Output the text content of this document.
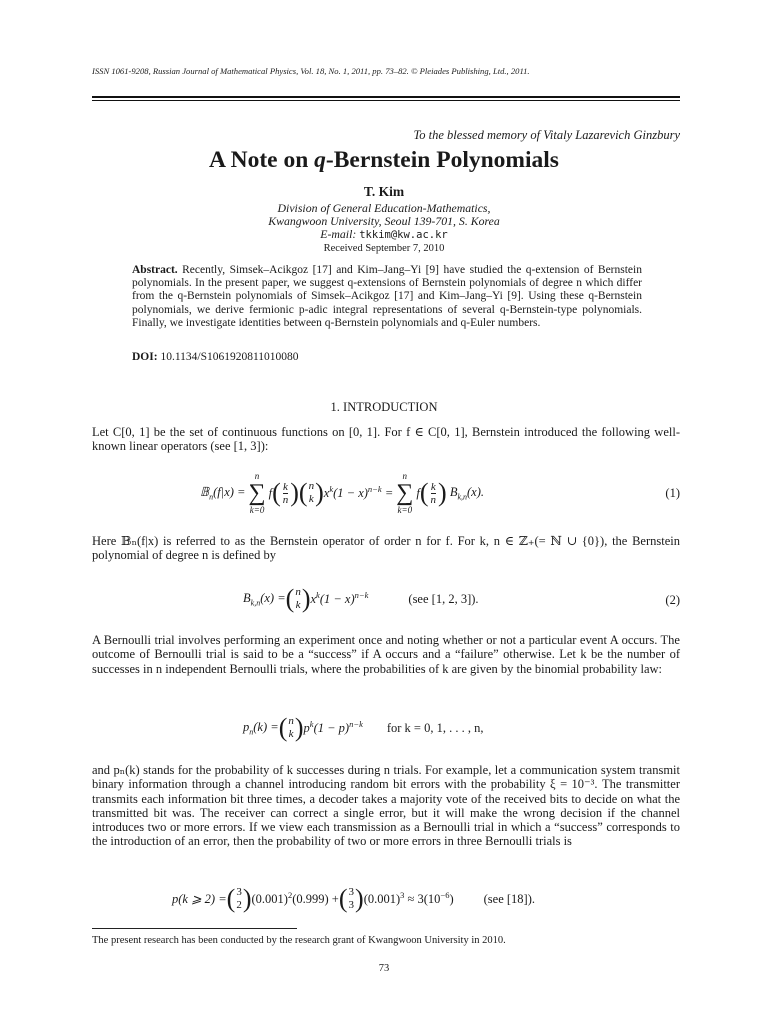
ISSN 1061-9208, Russian Journal of Mathematical Physics, Vol. 18, No. 1, 2011, pp. 73–82. © Pleiades Publishing, Ltd., 2011.
To the blessed memory of Vitaly Lazarevich Ginzbury
A Note on q-Bernstein Polynomials
T. Kim
Division of General Education-Mathematics,
Kwangwoon University, Seoul 139-701, S. Korea
E-mail: tkkim@kw.ac.kr
Received September 7, 2010
Abstract. Recently, Simsek–Acikgoz [17] and Kim–Jang–Yi [9] have studied the q-extension of Bernstein polynomials. In the present paper, we suggest q-extensions of Bernstein polynomials of degree n which differ from the q-Bernstein polynomials of Simsek–Acikgoz [17] and Kim–Jang–Yi [9]. Using these q-Bernstein polynomials, we derive fermionic p-adic integral representations of several q-Bernstein-type polynomials. Finally, we investigate identities between q-Bernstein polynomials and q-Euler numbers.
DOI: 10.1134/S1061920811010080
1. INTRODUCTION
Let C[0, 1] be the set of continuous functions on [0, 1]. For f ∈ C[0, 1], Bernstein introduced the following well-known linear operators (see [1, 3]):
𝔹$_n$(f|x) =
n
∑
k=0
f ( $\frac{k}{n}$ ) ( n
k ) $x^k(1 - x)^{n-k}$ =
n
∑
k=0
f ( $\frac{k}{n}$ ) $B_{k,n}(x)$.	(1)
Here 𝔹ₙ(f|x) is referred to as the Bernstein operator of order n for f. For k, n ∈ ℤ₊(= ℕ ∪ {0}), the Bernstein polynomial of degree n is defined by
$B_{k,n}(x)$ = ( n
k ) $x^k(1 - x)^{n-k}$	(see [1, 2, 3]).	(2)
A Bernoulli trial involves performing an experiment once and noting whether or not a particular event A occurs. The outcome of Bernoulli trial is said to be a “success” if A occurs and a “failure” otherwise. Let k be the number of successes in n independent Bernoulli trials, where the probabilities of k are given by the binomial probability law:
$p_n(k)$ = ( n
k ) $p^k(1 - p)^{n-k}$ for k = 0, 1, . . . , n,
and pₙ(k) stands for the probability of k successes during n trials. For example, let a communication system transmit binary information through a channel introducing random bit errors with the probability ξ = 10⁻³. The transmitter transmits each information bit three times, a decoder takes a majority vote of the received bits to decide on what the transmitted bit was. The receiver can correct a single error, but it will make the wrong decision if the channel introduces two or more errors. If we view each transmission as a Bernoulli trial in which a “success” corresponds to the introduction of an error, then the probability of two or more errors in three Bernoulli trials is
p(k ⩾ 2) = ( 3
2 ) $(0.001)^2(0.999)$ + ( 3
3 ) $(0.001)^3 \approx 3(10^{-6})$ (see [18]).
The present research has been conducted by the research grant of Kwangwoon University in 2010.
73
